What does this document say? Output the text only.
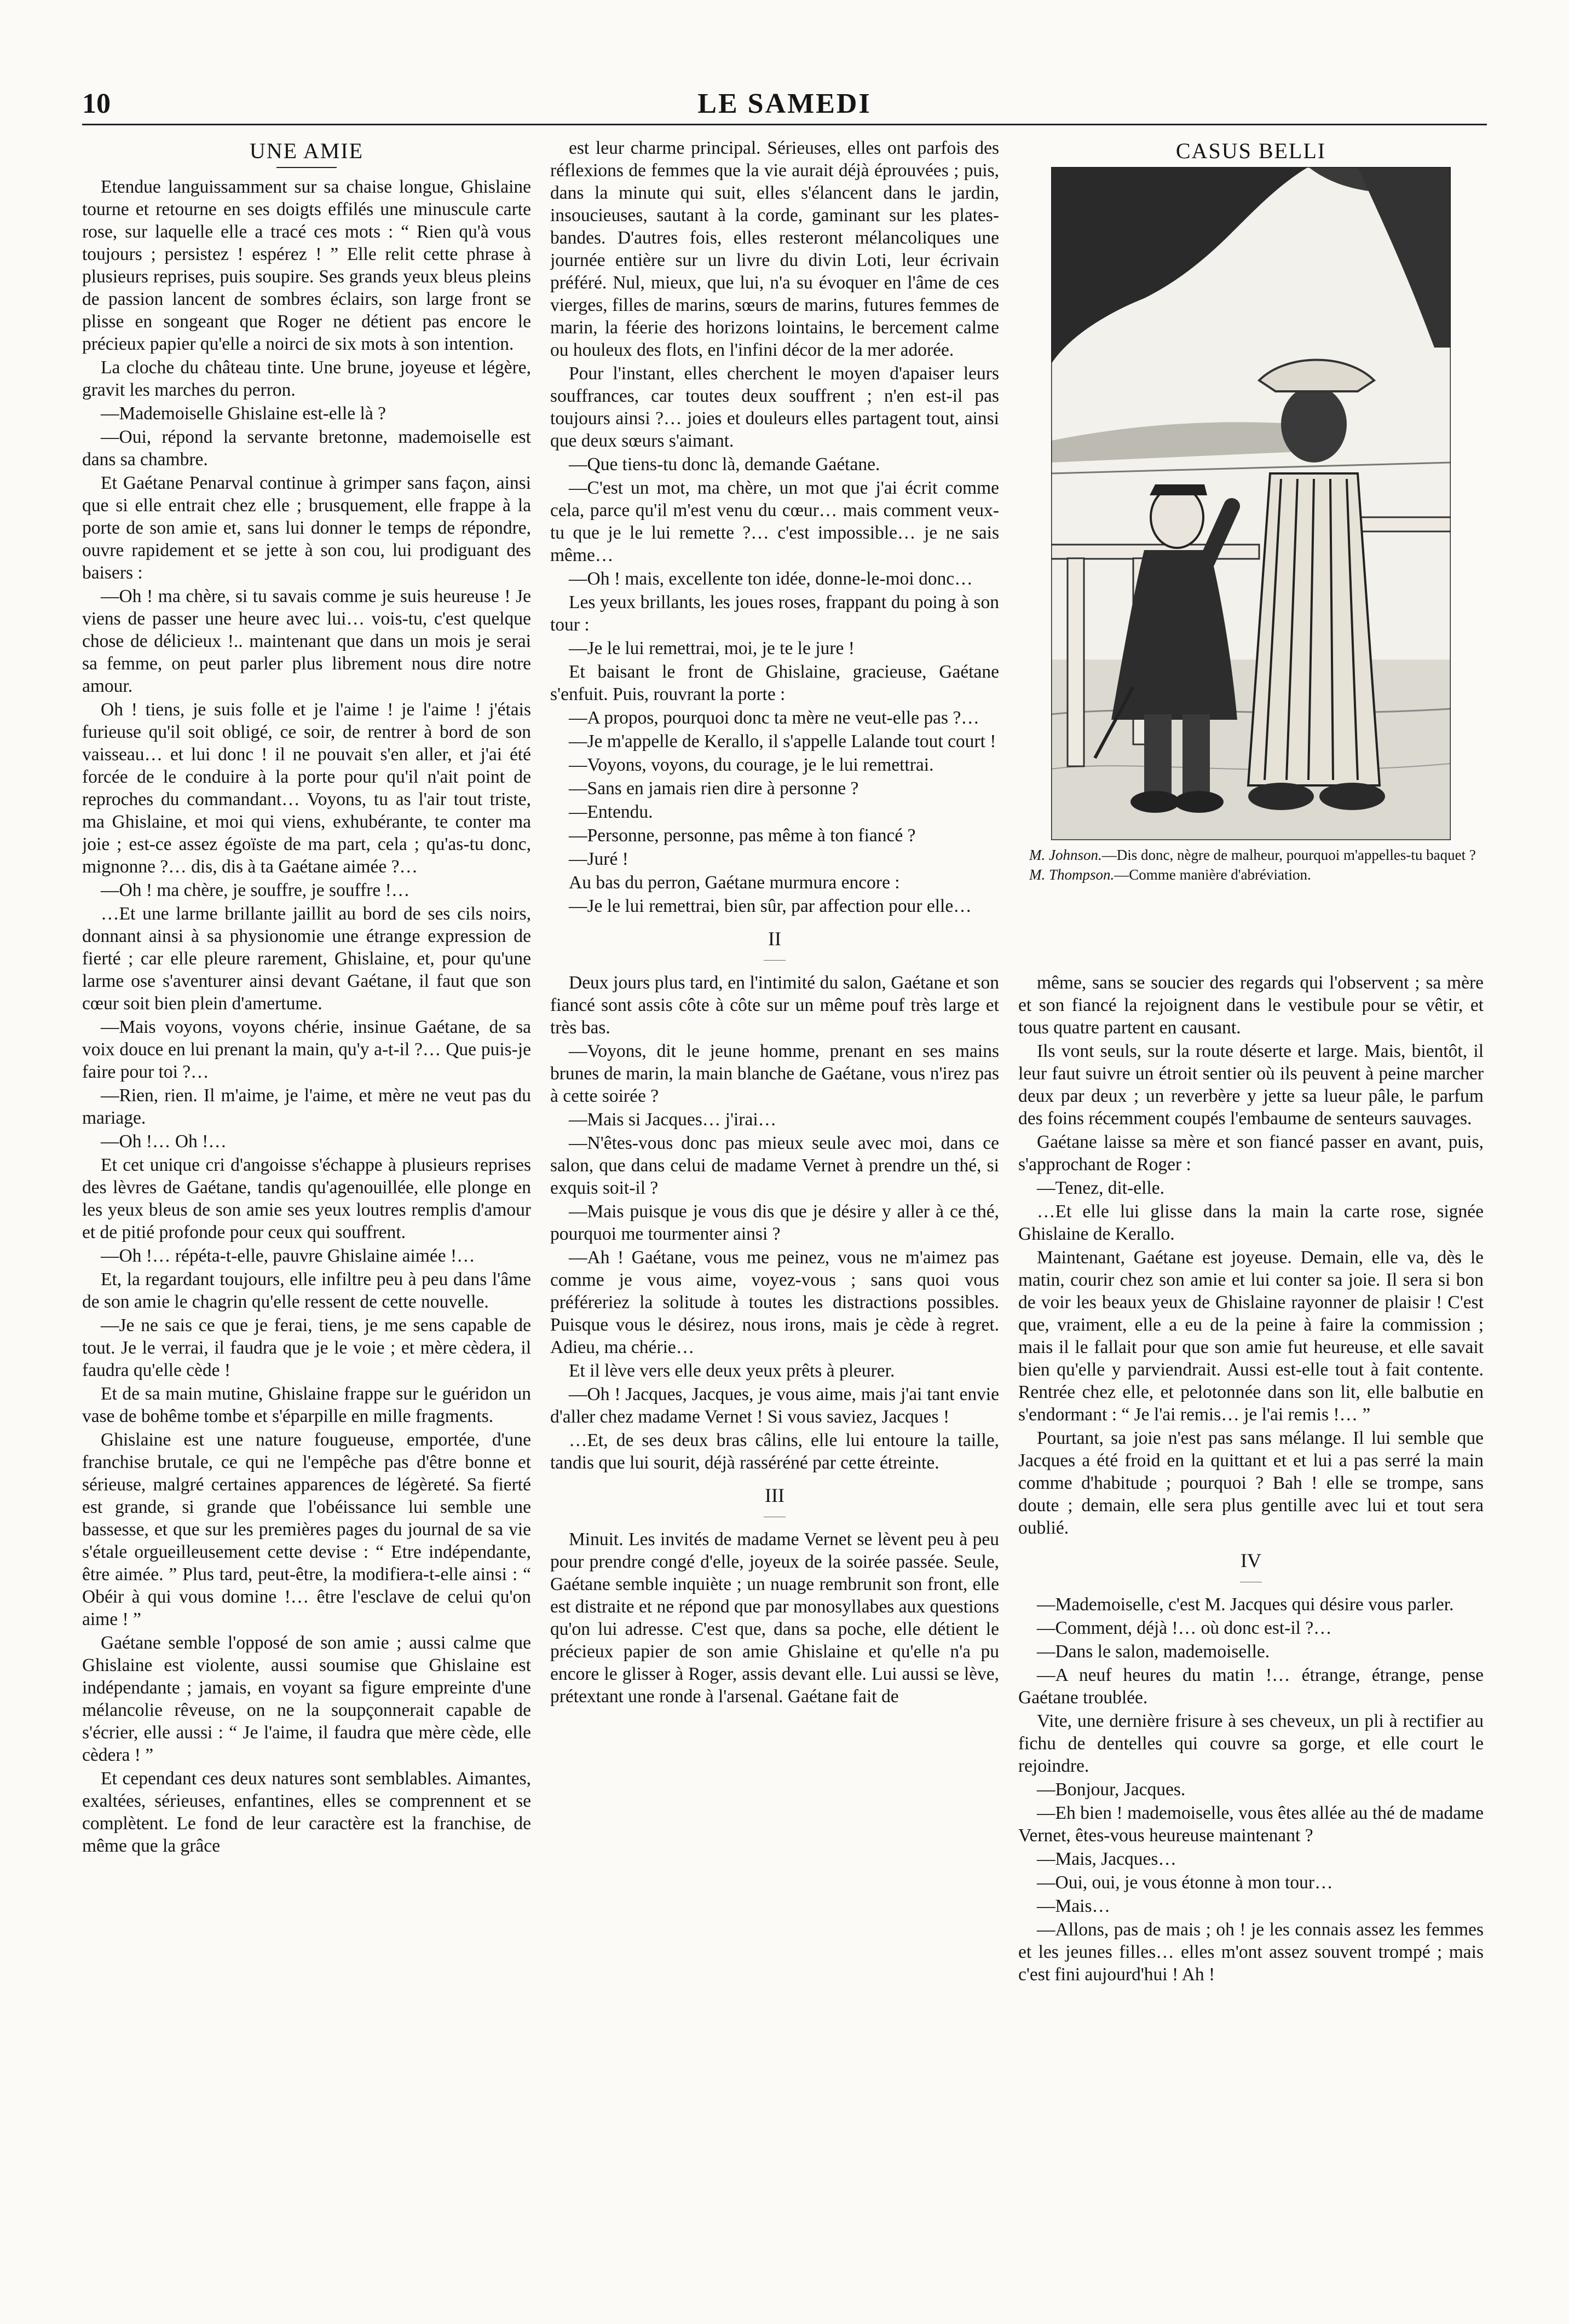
10	LE SAMEDI
UNE AMIE

Etendue languissamment sur sa chaise longue, Ghislaine tourne et retourne en ses doigts effilés une minuscule carte rose, sur laquelle elle a tracé ces mots : “ Rien qu'à vous toujours ; persistez ! espérez ! ” Elle relit cette phrase à plusieurs reprises, puis soupire. Ses grands yeux bleus pleins de passion lancent de sombres éclairs, son large front se plisse en songeant que Roger ne détient pas encore le précieux papier qu'elle a noirci de six mots à son intention.

La cloche du château tinte. Une brune, joyeuse et légère, gravit les marches du perron.

—Mademoiselle Ghislaine est-elle là ?

—Oui, répond la servante bretonne, mademoiselle est dans sa chambre.

Et Gaétane Penarval continue à grimper sans façon, ainsi que si elle entrait chez elle ; brusquement, elle frappe à la porte de son amie et, sans lui donner le temps de répondre, ouvre rapidement et se jette à son cou, lui prodiguant des baisers :

—Oh ! ma chère, si tu savais comme je suis heureuse ! Je viens de passer une heure avec lui… vois-tu, c'est quelque chose de délicieux !.. maintenant que dans un mois je serai sa femme, on peut parler plus librement nous dire notre amour.

Oh ! tiens, je suis folle et je l'aime ! je l'aime ! j'étais furieuse qu'il soit obligé, ce soir, de rentrer à bord de son vaisseau… et lui donc ! il ne pouvait s'en aller, et j'ai été forcée de le conduire à la porte pour qu'il n'ait point de reproches du commandant… Voyons, tu as l'air tout triste, ma Ghislaine, et moi qui viens, exhubérante, te conter ma joie ; est-ce assez égoïste de ma part, cela ; qu'as-tu donc, mignonne ?… dis, dis à ta Gaétane aimée ?…

—Oh ! ma chère, je souffre, je souffre !…

…Et une larme brillante jaillit au bord de ses cils noirs, donnant ainsi à sa physionomie une étrange expression de fierté ; car elle pleure rarement, Ghislaine, et, pour qu'une larme ose s'aventurer ainsi devant Gaétane, il faut que son cœur soit bien plein d'amertume.

—Mais voyons, voyons chérie, insinue Gaétane, de sa voix douce en lui prenant la main, qu'y a-t-il ?… Que puis-je faire pour toi ?…

—Rien, rien. Il m'aime, je l'aime, et mère ne veut pas du mariage.

—Oh !… Oh !…

Et cet unique cri d'angoisse s'échappe à plusieurs reprises des lèvres de Gaétane, tandis qu'agenouillée, elle plonge en les yeux bleus de son amie ses yeux loutres remplis d'amour et de pitié profonde pour ceux qui souffrent.

—Oh !… répéta-t-elle, pauvre Ghislaine aimée !…

Et, la regardant toujours, elle infiltre peu à peu dans l'âme de son amie le chagrin qu'elle ressent de cette nouvelle.

—Je ne sais ce que je ferai, tiens, je me sens capable de tout. Je le verrai, il faudra que je le voie ; et mère cèdera, il faudra qu'elle cède !

Et de sa main mutine, Ghislaine frappe sur le guéridon un vase de bohême tombe et s'éparpille en mille fragments.

Ghislaine est une nature fougueuse, emportée, d'une franchise brutale, ce qui ne l'empêche pas d'être bonne et sérieuse, malgré certaines apparences de légèreté. Sa fierté est grande, si grande que l'obéissance lui semble une bassesse, et que sur les premières pages du journal de sa vie s'étale orgueilleusement cette devise : “ Etre indépendante, être aimée. ” Plus tard, peut-être, la modifiera-t-elle ainsi : “ Obéir à qui vous domine !… être l'esclave de celui qu'on aime ! ”

Gaétane semble l'opposé de son amie ; aussi calme que Ghislaine est violente, aussi soumise que Ghislaine est indépendante ; jamais, en voyant sa figure empreinte d'une mélancolie rêveuse, on ne la soupçonnerait capable de s'écrier, elle aussi : “ Je l'aime, il faudra que mère cède, elle cèdera ! ”

Et cependant ces deux natures sont semblables. Aimantes, exaltées, sérieuses, enfantines, elles se comprennent et se complètent. Le fond de leur caractère est la franchise, de même que la grâce

est leur charme principal. Sérieuses, elles ont parfois des réflexions de femmes que la vie aurait déjà éprouvées ; puis, dans la minute qui suit, elles s'élancent dans le jardin, insoucieuses, sautant à la corde, gaminant sur les plates-bandes. D'autres fois, elles resteront mélancoliques une journée entière sur un livre du divin Loti, leur écrivain préféré. Nul, mieux, que lui, n'a su évoquer en l'âme de ces vierges, filles de marins, sœurs de marins, futures femmes de marin, la féerie des horizons lointains, le bercement calme ou houleux des flots, en l'infini décor de la mer adorée.

Pour l'instant, elles cherchent le moyen d'apaiser leurs souffrances, car toutes deux souffrent ; n'en est-il pas toujours ainsi ?… joies et douleurs elles partagent tout, ainsi que deux sœurs s'aimant.

—Que tiens-tu donc là, demande Gaétane.

—C'est un mot, ma chère, un mot que j'ai écrit comme cela, parce qu'il m'est venu du cœur… mais comment veux-tu que je le lui remette ?… c'est impossible… je ne sais même…

—Oh ! mais, excellente ton idée, donne-le-moi donc…

Les yeux brillants, les joues roses, frappant du poing à son tour :

—Je le lui remettrai, moi, je te le jure !

Et baisant le front de Ghislaine, gracieuse, Gaétane s'enfuit. Puis, rouvrant la porte :

—A propos, pourquoi donc ta mère ne veut-elle pas ?…

—Je m'appelle de Kerallo, il s'appelle Lalande tout court !

—Voyons, voyons, du courage, je le lui remettrai.

—Sans en jamais rien dire à personne ?

—Entendu.

—Personne, personne, pas même à ton fiancé ?

—Juré !

Au bas du perron, Gaétane murmura encore :

—Je le lui remettrai, bien sûr, par affection pour elle…

II

Deux jours plus tard, en l'intimité du salon, Gaétane et son fiancé sont assis côte à côte sur un même pouf très large et très bas.

—Voyons, dit le jeune homme, prenant en ses mains brunes de marin, la main blanche de Gaétane, vous n'irez pas à cette soirée ?

—Mais si Jacques… j'irai…

—N'êtes-vous donc pas mieux seule avec moi, dans ce salon, que dans celui de madame Vernet à prendre un thé, si exquis soit-il ?

—Mais puisque je vous dis que je désire y aller à ce thé, pourquoi me tourmenter ainsi ?

—Ah ! Gaétane, vous me peinez, vous ne m'aimez pas comme je vous aime, voyez-vous ; sans quoi vous préféreriez la solitude à toutes les distractions possibles. Puisque vous le désirez, nous irons, mais je cède à regret. Adieu, ma chérie…

Et il lève vers elle deux yeux prêts à pleurer.

—Oh ! Jacques, Jacques, je vous aime, mais j'ai tant envie d'aller chez madame Vernet ! Si vous saviez, Jacques !

…Et, de ses deux bras câlins, elle lui entoure la taille, tandis que lui sourit, déjà rasséréné par cette étreinte.

III

Minuit. Les invités de madame Vernet se lèvent peu à peu pour prendre congé d'elle, joyeux de la soirée passée. Seule, Gaétane semble inquiète ; un nuage rembrunit son front, elle est distraite et ne répond que par monosyllabes aux questions qu'on lui adresse. C'est que, dans sa poche, elle détient le précieux papier de son amie Ghislaine et qu'elle n'a pu encore le glisser à Roger, assis devant elle. Lui aussi se lève, prétextant une ronde à l'arsenal. Gaétane fait de

CASUS BELLI

M. Johnson.—Dis donc, nègre de malheur, pourquoi m'appelles-tu baquet ?

M. Thompson.—Comme manière d'abréviation.

même, sans se soucier des regards qui l'observent ; sa mère et son fiancé la rejoignent dans le vestibule pour se vêtir, et tous quatre partent en causant.

Ils vont seuls, sur la route déserte et large. Mais, bientôt, il leur faut suivre un étroit sentier où ils peuvent à peine marcher deux par deux ; un reverbère y jette sa lueur pâle, le parfum des foins récemment coupés l'embaume de senteurs sauvages.

Gaétane laisse sa mère et son fiancé passer en avant, puis, s'approchant de Roger :

—Tenez, dit-elle.

…Et elle lui glisse dans la main la carte rose, signée Ghislaine de Kerallo.

Maintenant, Gaétane est joyeuse. Demain, elle va, dès le matin, courir chez son amie et lui conter sa joie. Il sera si bon de voir les beaux yeux de Ghislaine rayonner de plaisir ! C'est que, vraiment, elle a eu de la peine à faire la commission ; mais il le fallait pour que son amie fut heureuse, et elle savait bien qu'elle y parviendrait. Aussi est-elle tout à fait contente. Rentrée chez elle, et pelotonnée dans son lit, elle balbutie en s'endormant : “ Je l'ai remis… je l'ai remis !… ”

Pourtant, sa joie n'est pas sans mélange. Il lui semble que Jacques a été froid en la quittant et et lui a pas serré la main comme d'habitude ; pourquoi ? Bah ! elle se trompe, sans doute ; demain, elle sera plus gentille avec lui et tout sera oublié.

IV

—Mademoiselle, c'est M. Jacques qui désire vous parler.

—Comment, déjà !… où donc est-il ?…

—Dans le salon, mademoiselle.

—A neuf heures du matin !… étrange, étrange, pense Gaétane troublée.

Vite, une dernière frisure à ses cheveux, un pli à rectifier au fichu de dentelles qui couvre sa gorge, et elle court le rejoindre.

—Bonjour, Jacques.

—Eh bien ! mademoiselle, vous êtes allée au thé de madame Vernet, êtes-vous heureuse maintenant ?

—Mais, Jacques…

—Oui, oui, je vous étonne à mon tour…

—Mais…

—Allons, pas de mais ; oh ! je les connais assez les femmes et les jeunes filles… elles m'ont assez souvent trompé ; mais c'est fini aujourd'hui ! Ah !
